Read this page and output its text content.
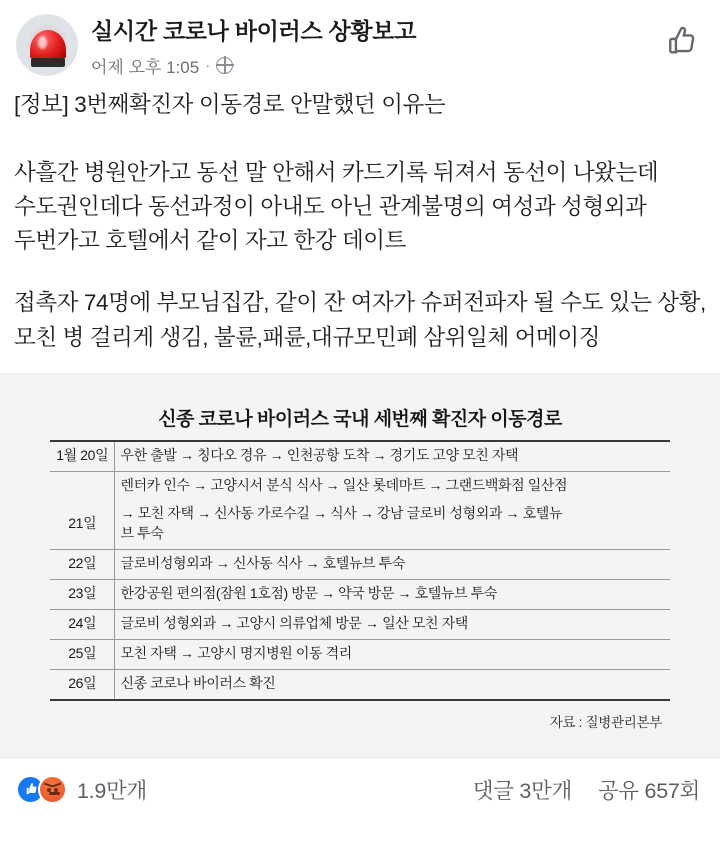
실시간 코로나 바이러스 상황보고
어제 오후 1:05 ·

[정보] 3번째확진자 이동경로 안말했던 이유는

사흘간 병원안가고 동선 말 안해서 카드기록 뒤져서 동선이 나왔는데 수도권인데다 동선과정이 아내도 아닌 관계불명의 여성과 성형외과 두번가고 호텔에서 같이 자고 한강 데이트

접촉자 74명에 부모님집감, 같이 잔 여자가 슈퍼전파자 될 수도 있는 상황, 모친 병 걸리게 생김, 불륜,패륜,대규모민폐 삼위일체 어메이징

신종 코로나 바이러스 국내 세번째 확진자 이동경로
1월 20일	우한 출발 → 칭다오 경유 → 인천공항 도착 → 경기도 고양 모친 자택
	렌터카 인수 → 고양시서 분식 식사 → 일산 롯데마트 → 그랜드백화점 일산점
21일	→ 모친 자택 → 신사동 가로수길 → 식사 → 강남 글로비 성형외과 → 호텔뉴
브 투숙
22일	글로비성형외과 → 신사동 식사 → 호텔뉴브 투숙
23일	한강공원 편의점(잠원 1호점) 방문 → 약국 방문 → 호텔뉴브 투숙
24일	글로비 성형외과 → 고양시 의류업체 방문 → 일산 모친 자택
25일	모친 자택 → 고양시 명지병원 이동 격리
26일	신종 코로나 바이러스 확진
자료 : 질병관리본부
1.9만개	댓글 3만개 공유 657회
